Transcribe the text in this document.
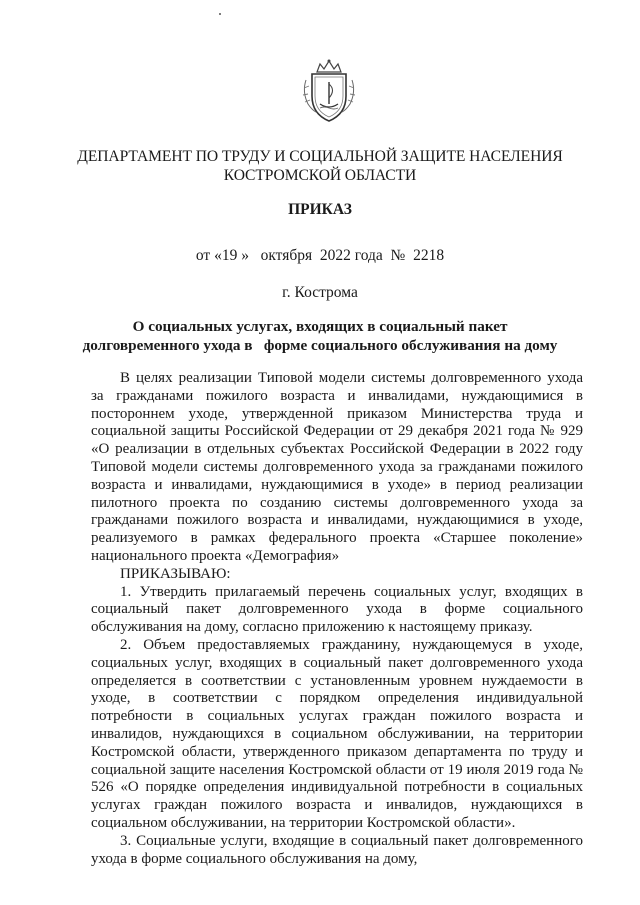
ДЕПАРТАМЕНТ ПО ТРУДУ И СОЦИАЛЬНОЙ ЗАЩИТЕ НАСЕЛЕНИЯ
КОСТРОМСКОЙ ОБЛАСТИ
ПРИКАЗ
от «19 »   октября  2022 года  №  2218
г. Кострома
О социальных услугах, входящих в социальный пакет
долговременного ухода в   форме социального обслуживания на дому

В целях реализации Типовой модели системы долговременного ухода за гражданами пожилого возраста и инвалидами, нуждающимися в постороннем уходе, утвержденной приказом Министерства труда и социальной защиты Российской Федерации от 29 декабря 2021 года № 929 «О реализации в отдельных субъектах Российской Федерации в 2022 году Типовой модели системы долговременного ухода за гражданами пожилого возраста и инвалидами, нуждающимися в уходе» в период реализации пилотного проекта по созданию системы долговременного ухода за гражданами пожилого возраста и инвалидами, нуждающимися в уходе, реализуемого в рамках федерального проекта «Старшее поколение» национального проекта «Демография»

ПРИКАЗЫВАЮ:

1. Утвердить прилагаемый перечень социальных услуг, входящих в социальный пакет долговременного ухода в форме социального обслуживания на дому, согласно приложению к настоящему приказу.

2. Объем предоставляемых гражданину, нуждающемуся в уходе, социальных услуг, входящих в социальный пакет долговременного ухода определяется в соответствии с установленным уровнем нуждаемости в уходе, в соответствии с порядком определения индивидуальной потребности в социальных услугах граждан пожилого возраста и инвалидов, нуждающихся в социальном обслуживании, на территории Костромской области, утвержденного приказом департамента по труду и социальной защите населения Костромской области от 19 июля 2019 года № 526 «О порядке определения индивидуальной потребности в социальных услугах граждан пожилого возраста и инвалидов, нуждающихся в социальном обслуживании, на территории Костромской области».

3. Социальные услуги, входящие в социальный пакет долговременного ухода в форме социального обслуживания на дому,
